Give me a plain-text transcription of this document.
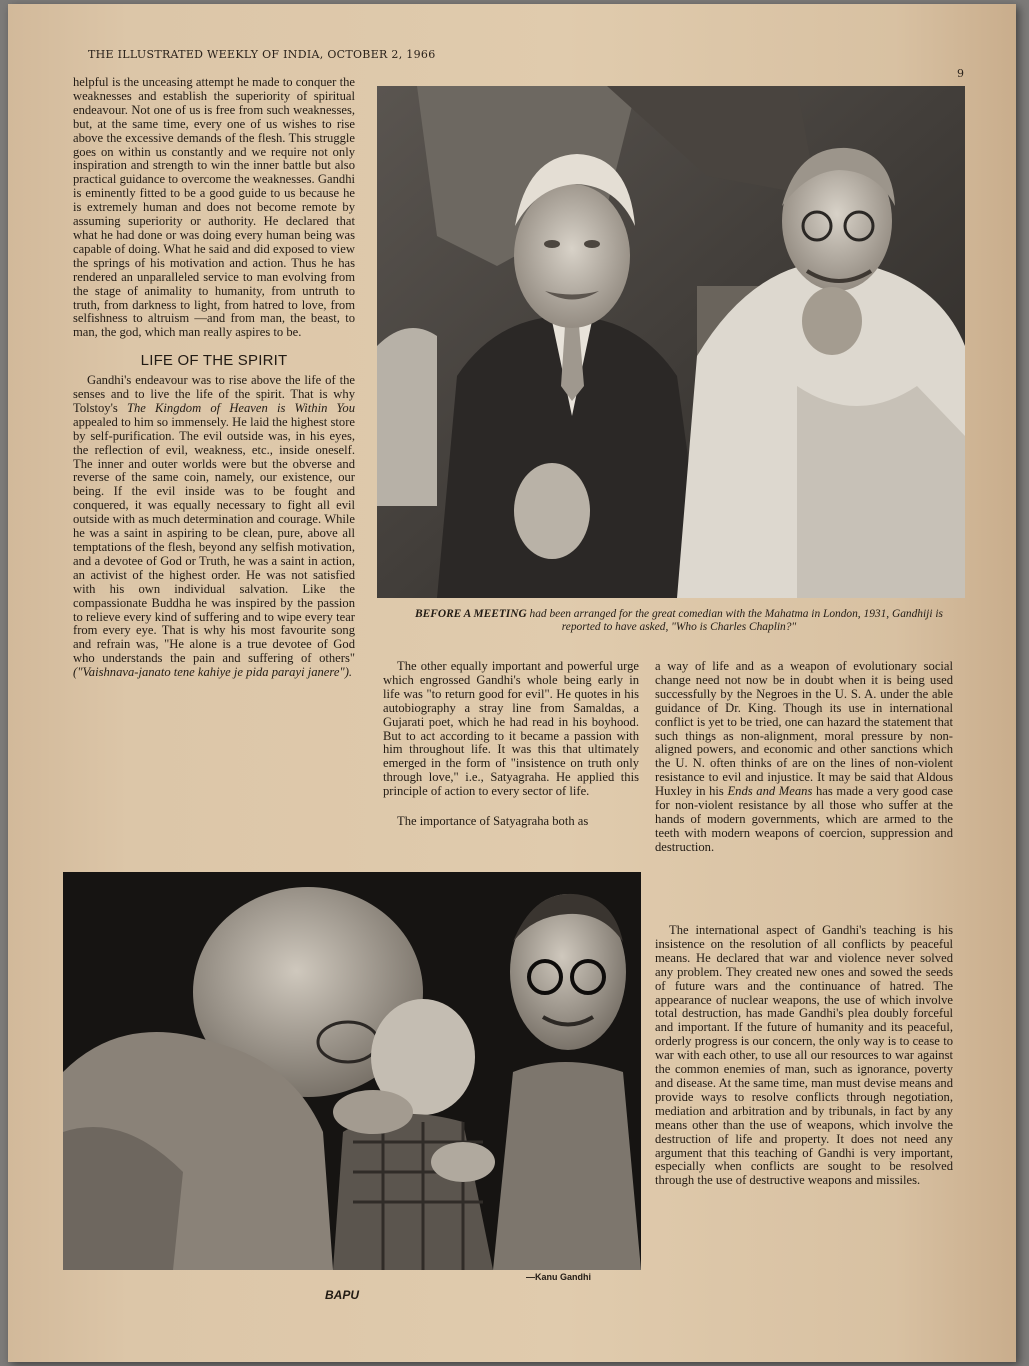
THE ILLUSTRATED WEEKLY OF INDIA, OCTOBER 2, 1966
9

helpful is the unceasing attempt he made to conquer the weaknesses and establish the superiority of spiritual endeavour. Not one of us is free from such weaknesses, but, at the same time, every one of us wishes to rise above the excessive demands of the flesh. This struggle goes on within us constantly and we require not only inspiration and strength to win the inner battle but also practical guidance to overcome the weaknesses. Gandhi is eminently fitted to be a good guide to us because he is extremely human and does not become remote by assuming superiority or authority. He declared that what he had done or was doing every human being was capable of doing. What he said and did exposed to view the springs of his motivation and action. Thus he has rendered an unparalleled service to man evolving from the stage of animality to humanity, from untruth to truth, from darkness to light, from hatred to love, from selfishness to altruism —and from man, the beast, to man, the god, which man really aspires to be.

LIFE OF THE SPIRIT

Gandhi's endeavour was to rise above the life of the senses and to live the life of the spirit. That is why Tolstoy's The Kingdom of Heaven is Within You appealed to him so immensely. He laid the highest store by self-purification. The evil outside was, in his eyes, the reflection of evil, weakness, etc., inside oneself. The inner and outer worlds were but the obverse and reverse of the same coin, namely, our existence, our being. If the evil inside was to be fought and conquered, it was equally necessary to fight all evil outside with as much determination and courage. While he was a saint in aspiring to be clean, pure, above all temptations of the flesh, beyond any selfish motivation, and a devotee of God or Truth, he was a saint in action, an activist of the highest order. He was not satisfied with his own individual salvation. Like the compassionate Buddha he was inspired by the passion to relieve every kind of suffering and to wipe every tear from every eye. That is why his most favourite song and refrain was, "He alone is a true devotee of God who understands the pain and suffering of others" ("Vaishnava-janato tene kahiye je pida parayi janere").

BEFORE A MEETING had been arranged for the great comedian with the Mahatma in London, 1931, Gandhiji is reported to have asked, "Who is Charles Chaplin?"

The other equally important and powerful urge which engrossed Gandhi's whole being early in life was "to return good for evil". He quotes in his autobiography a stray line from Samaldas, a Gujarati poet, which he had read in his boyhood. But to act according to it became a passion with him throughout life. It was this that ultimately emerged in the form of "insistence on truth only through love," i.e., Satyagraha. He applied this principle of action to every sector of life.

The importance of Satyagraha both as

a way of life and as a weapon of evolutionary social change need not now be in doubt when it is being used successfully by the Negroes in the U. S. A. under the able guidance of Dr. King. Though its use in international conflict is yet to be tried, one can hazard the statement that such things as non-alignment, moral pressure by non-aligned powers, and economic and other sanctions which the U. N. often thinks of are on the lines of non-violent resistance to evil and injustice. It may be said that Aldous Huxley in his Ends and Means has made a very good case for non-violent resistance by all those who suffer at the hands of modern governments, which are armed to the teeth with modern weapons of coercion, suppression and destruction.

The international aspect of Gandhi's teaching is his insistence on the resolution of all conflicts by peaceful means. He declared that war and violence never solved any problem. They created new ones and sowed the seeds of future wars and the continuance of hatred. The appearance of nuclear weapons, the use of which involve total destruction, has made Gandhi's plea doubly forceful and important. If the future of humanity and its peaceful, orderly progress is our concern, the only way is to cease to war with each other, to use all our resources to war against the common enemies of man, such as ignorance, poverty and disease. At the same time, man must devise means and provide ways to resolve conflicts through negotiation, mediation and arbitration and by tribunals, in fact by any means other than the use of weapons, which involve the destruction of life and property. It does not need any argument that this teaching of Gandhi is very important, especially when conflicts are sought to be resolved through the use of destructive weapons and missiles.

—Kanu Gandhi
BAPU
